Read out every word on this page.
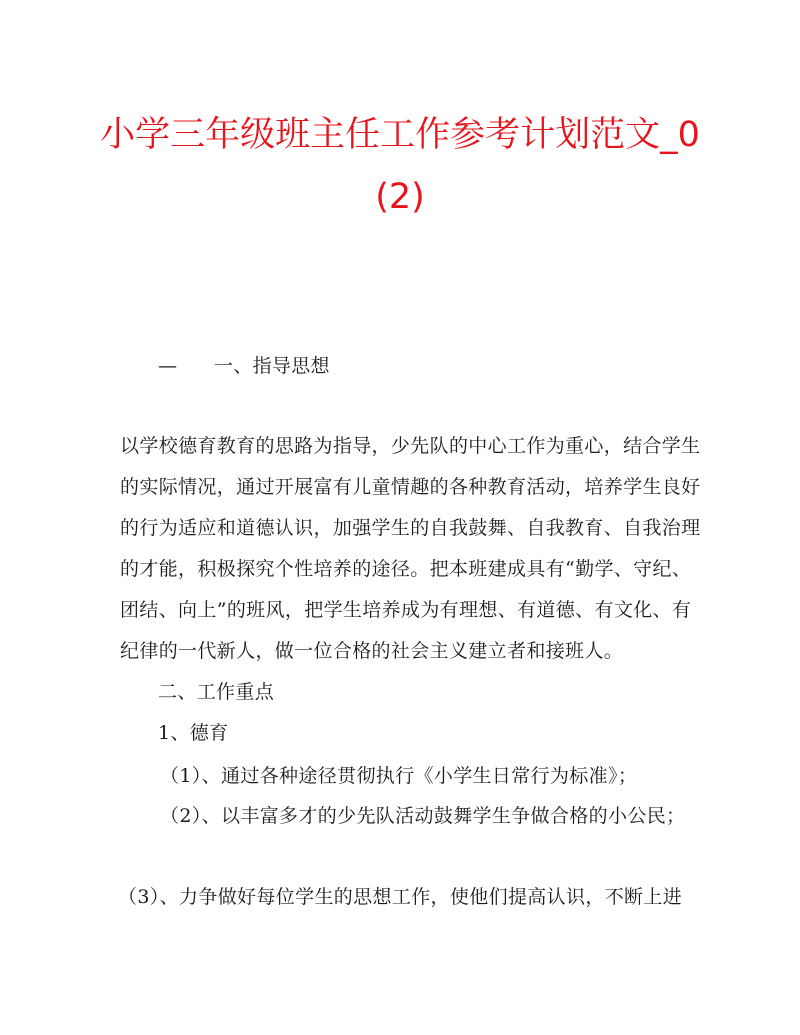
小学三年级班主任工作参考计划范文_0
(2)
— 一、指导思想
以学校德育教育的思路为指导，少先队的中心工作为重心，结合学生
的实际情况，通过开展富有儿童情趣的各种教育活动，培养学生良好
的行为适应和道德认识，加强学生的自我鼓舞、自我教育、自我治理
的才能，积极探究个性培养的途径。把本班建成具有“勤学、守纪、
团结、向上”的班风，把学生培养成为有理想、有道德、有文化、有
纪律的一代新人，做一位合格的社会主义建立者和接班人。
二、工作重点
1、德育
（1）、通过各种途径贯彻执行《小学生日常行为标准》；
（2）、以丰富多才的少先队活动鼓舞学生争做合格的小公民；
（3）、力争做好每位学生的思想工作，使他们提高认识，不断上进
